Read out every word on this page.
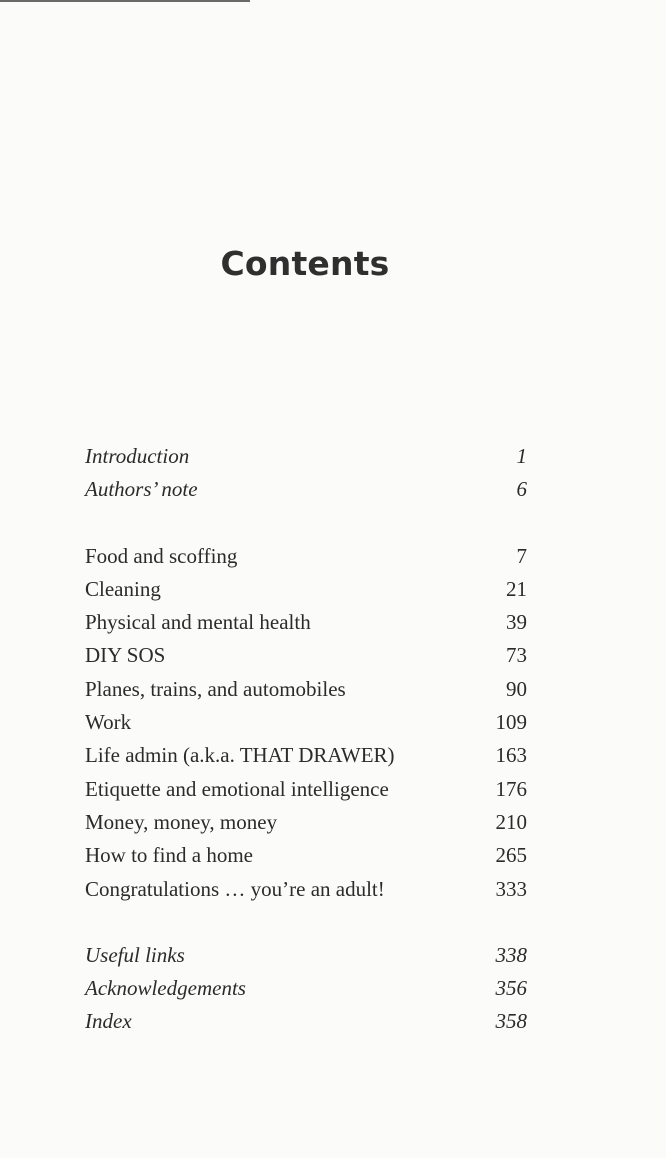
Contents
Introduction	1
Authors’ note	6
Food and scoffing	7
Cleaning	21
Physical and mental health	39
DIY SOS	73
Planes, trains, and automobiles	90
Work	109
Life admin (a.k.a. THAT DRAWER)	163
Etiquette and emotional intelligence	176
Money, money, money	210
How to find a home	265
Congratulations … you’re an adult!	333
Useful links	338
Acknowledgements	356
Index	358
